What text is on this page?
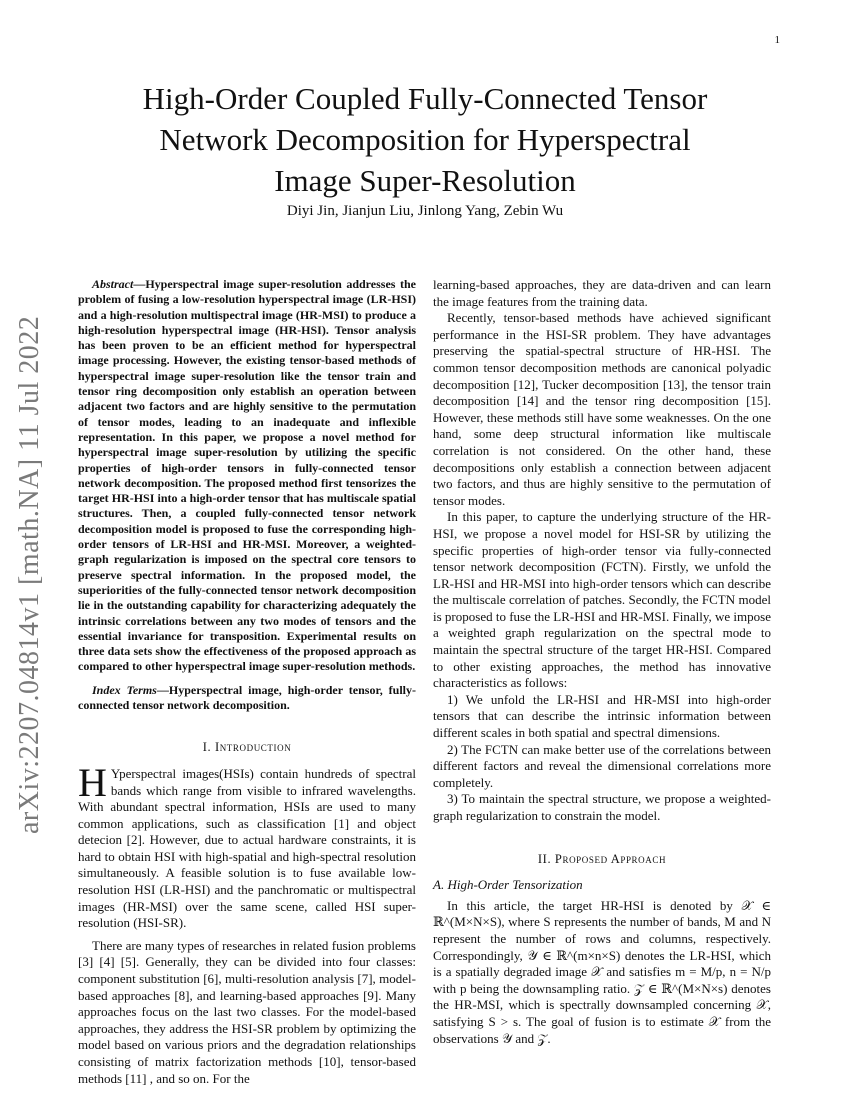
1
arXiv:2207.04814v1 [math.NA] 11 Jul 2022
High-Order Coupled Fully-Connected Tensor
Network Decomposition for Hyperspectral
Image Super-Resolution
Diyi Jin, Jianjun Liu, Jinlong Yang, Zebin Wu

Abstract—Hyperspectral image super-resolution addresses the problem of fusing a low-resolution hyperspectral image (LR-HSI) and a high-resolution multispectral image (HR-MSI) to produce a high-resolution hyperspectral image (HR-HSI). Tensor analysis has been proven to be an efficient method for hyperspectral image processing. However, the existing tensor-based methods of hyperspectral image super-resolution like the tensor train and tensor ring decomposition only establish an operation between adjacent two factors and are highly sensitive to the permutation of tensor modes, leading to an inadequate and inflexible representation. In this paper, we propose a novel method for hyperspectral image super-resolution by utilizing the specific properties of high-order tensors in fully-connected tensor network decomposition. The proposed method first tensorizes the target HR-HSI into a high-order tensor that has multiscale spatial structures. Then, a coupled fully-connected tensor network decomposition model is proposed to fuse the corresponding high-order tensors of LR-HSI and HR-MSI. Moreover, a weighted-graph regularization is imposed on the spectral core tensors to preserve spectral information. In the proposed model, the superiorities of the fully-connected tensor network decomposition lie in the outstanding capability for characterizing adequately the intrinsic correlations between any two modes of tensors and the essential invariance for transposition. Experimental results on three data sets show the effectiveness of the proposed approach as compared to other hyperspectral image super-resolution methods.

Index Terms—Hyperspectral image, high-order tensor, fully-connected tensor network decomposition.

I. Introduction
H Yperspectral images(HSIs) contain hundreds of spectral bands which range from visible to infrared wavelengths. With abundant spectral information, HSIs are used to many common applications, such as classification [1] and object detecion [2]. However, due to actual hardware constraints, it is hard to obtain HSI with high-spatial and high-spectral resolution simultaneously. A feasible solution is to fuse available low-resolution HSI (LR-HSI) and the panchromatic or multispectral images (HR-MSI) over the same scene, called HSI super-resolution (HSI-SR).

There are many types of researches in related fusion problems [3] [4] [5]. Generally, they can be divided into four classes: component substitution [6], multi-resolution analysis [7], model-based approaches [8], and learning-based approaches [9]. Many approaches focus on the last two classes. For the model-based approaches, they address the HSI-SR problem by optimizing the model based on various priors and the degradation relationships consisting of matrix factorization methods [10], tensor-based methods [11] , and so on. For the

learning-based approaches, they are data-driven and can learn the image features from the training data.

Recently, tensor-based methods have achieved significant performance in the HSI-SR problem. They have advantages preserving the spatial-spectral structure of HR-HSI. The common tensor decomposition methods are canonical polyadic decomposition [12], Tucker decomposition [13], the tensor train decomposition [14] and the tensor ring decomposition [15]. However, these methods still have some weaknesses. On the one hand, some deep structural information like multiscale correlation is not considered. On the other hand, these decompositions only establish a connection between adjacent two factors, and thus are highly sensitive to the permutation of tensor modes.

In this paper, to capture the underlying structure of the HR-HSI, we propose a novel model for HSI-SR by utilizing the specific properties of high-order tensor via fully-connected tensor network decomposition (FCTN). Firstly, we unfold the LR-HSI and HR-MSI into high-order tensors which can describe the multiscale correlation of patches. Secondly, the FCTN model is proposed to fuse the LR-HSI and HR-MSI. Finally, we impose a weighted graph regularization on the spectral mode to maintain the spectral structure of the target HR-HSI. Compared to other existing approaches, the method has innovative characteristics as follows:

1) We unfold the LR-HSI and HR-MSI into high-order tensors that can describe the intrinsic information between different scales in both spatial and spectral dimensions.

2) The FCTN can make better use of the correlations between different factors and reveal the dimensional correlations more completely.

3) To maintain the spectral structure, we propose a weighted-graph regularization to constrain the model.

II. Proposed Approach
A. High-Order Tensorization

In this article, the target HR-HSI is denoted by 𝒳 ∈ ℝ^(M×N×S), where S represents the number of bands, M and N represent the number of rows and columns, respectively. Correspondingly, 𝒴 ∈ ℝ^(m×n×S) denotes the LR-HSI, which is a spatially degraded image 𝒳 and satisfies m = M/p, n = N/p with p being the downsampling ratio. 𝒵 ∈ ℝ^(M×N×s) denotes the HR-MSI, which is spectrally downsampled concerning 𝒳, satisfying S > s. The goal of fusion is to estimate 𝒳 from the observations 𝒴 and 𝒵.
